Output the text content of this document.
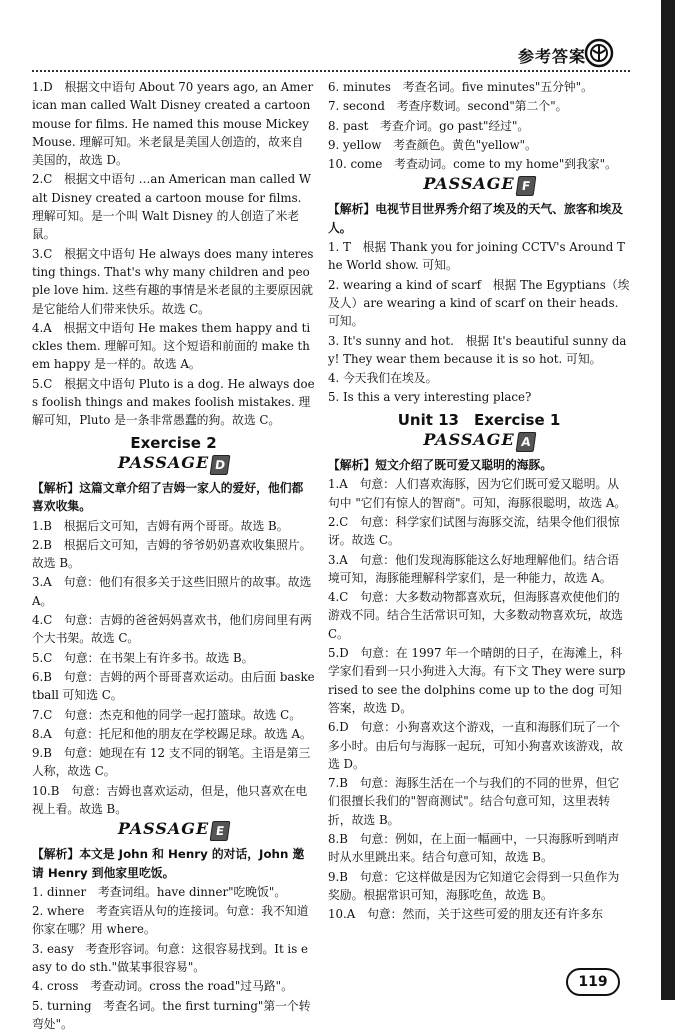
参考答案
1.D　根据文中语句 About 70 years ago, an American man called Walt Disney created a cartoon mouse for films. He named this mouse Mickey Mouse. 理解可知。米老鼠是美国人创造的，故来自美国的，故选 D。
2.C　根据文中语句 …an American man called Walt Disney created a cartoon mouse for films. 理解可知。是一个叫 Walt Disney 的人创造了米老鼠。
3.C　根据文中语句 He always does many interesting things. That's why many children and people love him. 这些有趣的事情是米老鼠的主要原因就是它能给人们带来快乐。故选 C。
4.A　根据文中语句 He makes them happy and tickles them. 理解可知。这个短语和前面的 make them happy 是一样的。故选 A。
5.C　根据文中语句 Pluto is a dog. He always does foolish things and makes foolish mistakes. 理解可知，Pluto 是一条非常愚蠢的狗。故选 C。
Exercise 2
PASSAGE D
【解析】这篇文章介绍了吉姆一家人的爱好，他们都喜欢收集。
1.B　根据后文可知，吉姆有两个哥哥。故选 B。
2.B　根据后文可知，吉姆的爷爷奶奶喜欢收集照片。故选 B。
3.A　句意：他们有很多关于这些旧照片的故事。故选 A。
4.C　句意：吉姆的爸爸妈妈喜欢书，他们房间里有两个大书架。故选 C。
5.C　句意：在书架上有许多书。故选 B。
6.B　句意：吉姆的两个哥哥喜欢运动。由后面 basketball 可知选 C。
7.C　句意：杰克和他的同学一起打篮球。故选 C。
8.A　句意：托尼和他的朋友在学校踢足球。故选 A。
9.B　句意：她现在有 12 支不同的钢笔。主语是第三人称，故选 C。
10.B　句意：吉姆也喜欢运动，但是，他只喜欢在电视上看。故选 B。
PASSAGE E
【解析】本文是 John 和 Henry 的对话，John 邀请 Henry 到他家里吃饭。
1. dinner　考查词组。have dinner"吃晚饭"。
2. where　考查宾语从句的连接词。句意：我不知道你家在哪？用 where。
3. easy　考查形容词。句意：这很容易找到。It is easy to do sth."做某事很容易"。
4. cross　考查动词。cross the road"过马路"。
5. turning　考查名词。the first turning"第一个转弯处"。
6. minutes　考查名词。five minutes"五分钟"。
7. second　考查序数词。second"第二个"。
8. past　考查介词。go past"经过"。
9. yellow　考查颜色。黄色"yellow"。
10. come　考查动词。come to my home"到我家"。
PASSAGE F
【解析】电视节目世界秀介绍了埃及的天气、旅客和埃及人。
1. T　根据 Thank you for joining CCTV's Around The World show. 可知。
2. wearing a kind of scarf　根据 The Egyptians（埃及人）are wearing a kind of scarf on their heads. 可知。
3. It's sunny and hot.　根据 It's beautiful sunny day! They wear them because it is so hot. 可知。
4. 今天我们在埃及。
5. Is this a very interesting place?
Unit 13　Exercise 1
PASSAGE A
【解析】短文介绍了既可爱又聪明的海豚。
1.A　句意：人们喜欢海豚，因为它们既可爱又聪明。从句中 "它们有惊人的智商"。可知，海豚很聪明，故选 A。
2.C　句意：科学家们试图与海豚交流，结果令他们很惊讶。故选 C。
3.A　句意：他们发现海豚能这么好地理解他们。结合语境可知，海豚能理解科学家们，是一种能力，故选 A。
4.C　句意：大多数动物都喜欢玩，但海豚喜欢使他们的游戏不同。结合生活常识可知，大多数动物喜欢玩，故选 C。
5.D　句意：在 1997 年一个晴朗的日子，在海滩上，科学家们看到一只小狗进入大海。有下文 They were surprised to see the dolphins come up to the dog 可知答案，故选 D。
6.D　句意：小狗喜欢这个游戏，一直和海豚们玩了一个多小时。由后句与海豚一起玩，可知小狗喜欢该游戏，故选 D。
7.B　句意：海豚生活在一个与我们的不同的世界，但它们很擅长我们的"智商测试"。结合句意可知，这里表转折，故选 B。
8.B　句意：例如，在上面一幅画中，一只海豚听到哨声时从水里跳出来。结合句意可知，故选 B。
9.B　句意：它这样做是因为它知道它会得到一只鱼作为奖励。根据常识可知，海豚吃鱼，故选 B。
10.A　句意：然而，关于这些可爱的朋友还有许多东
119
